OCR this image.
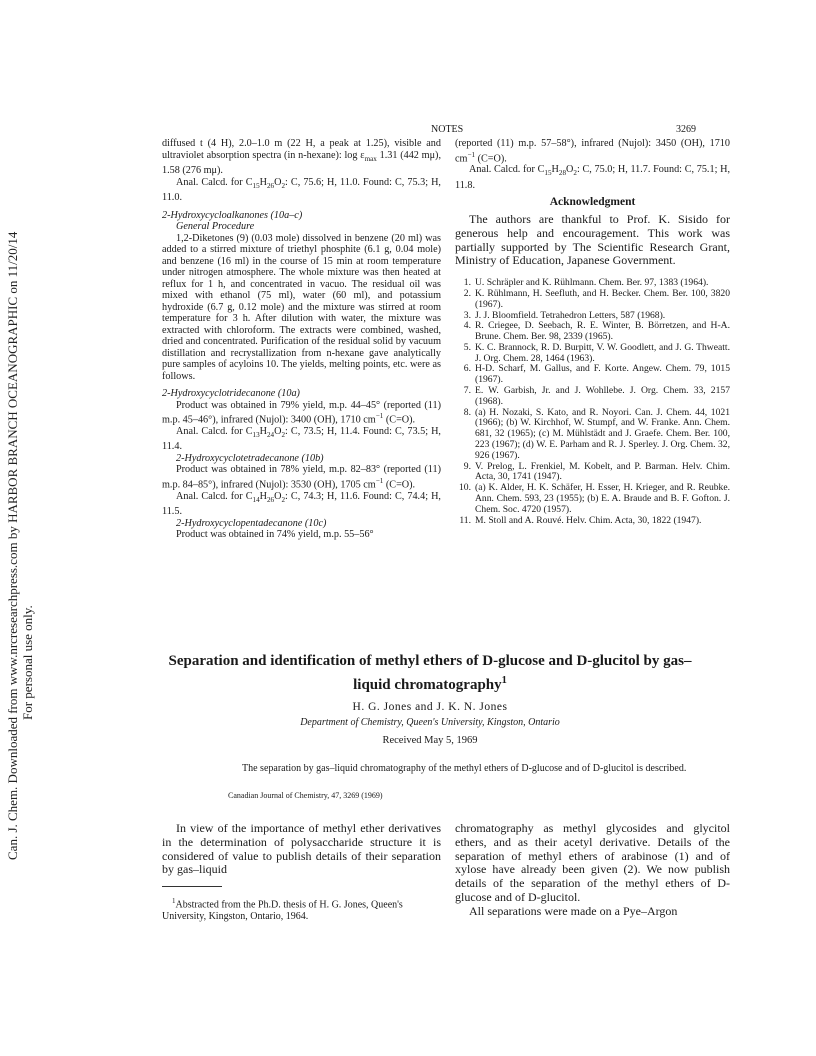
Can. J. Chem. Downloaded from www.nrcresearchpress.com by HARBOR BRANCH OCEANOGRAPHIC on 11/20/14 For personal use only.
NOTES	3269

diffused t (4 H), 2.0–1.0 m (22 H, a peak at 1.25), visible and ultraviolet absorption spectra (in n-hexane): $\log \varepsilon_{max}$ 1.31 (442 mμ), 1.58 (276 mμ).

Anal. Calcd. for $C_{15}H_{26}O_2$: C, 75.6; H, 11.0. Found: C, 75.3; H, 11.0.

2-Hydroxycycloalkanones (10a–c)

General Procedure

1,2-Diketones (9) (0.03 mole) dissolved in benzene (20 ml) was added to a stirred mixture of triethyl phosphite (6.1 g, 0.04 mole) and benzene (16 ml) in the course of 15 min at room temperature under nitrogen atmosphere. The whole mixture was then heated at reflux for 1 h, and concentrated in vacuo. The residual oil was mixed with ethanol (75 ml), water (60 ml), and potassium hydroxide (6.7 g, 0.12 mole) and the mixture was stirred at room temperature for 3 h. After dilution with water, the mixture was extracted with chloroform. The extracts were combined, washed, dried and concentrated. Purification of the residual solid by vacuum distillation and recrystallization from n-hexane gave analytically pure samples of acyloins 10. The yields, melting points, etc. were as follows.

2-Hydroxycyclotridecanone (10a)

Product was obtained in 79% yield, m.p. 44–45° (reported (11) m.p. 45–46°), infrared (Nujol): 3400 (OH), 1710 $cm^{-1}$ (C=O).

Anal. Calcd. for $C_{13}H_{24}O_2$: C, 73.5; H, 11.4. Found: C, 73.5; H, 11.4.

2-Hydroxycyclotetradecanone (10b)

Product was obtained in 78% yield, m.p. 82–83° (reported (11) m.p. 84–85°), infrared (Nujol): 3530 (OH), 1705 $cm^{-1}$ (C=O).

Anal. Calcd. for $C_{14}H_{26}O_2$: C, 74.3; H, 11.6. Found: C, 74.4; H, 11.5.

2-Hydroxycyclopentadecanone (10c)

Product was obtained in 74% yield, m.p. 55–56°

(reported (11) m.p. 57–58°), infrared (Nujol): 3450 (OH), 1710 $cm^{-1}$ (C=O).

Anal. Calcd. for $C_{15}H_{28}O_2$: C, 75.0; H, 11.7. Found: C, 75.1; H, 11.8.

Acknowledgment

The authors are thankful to Prof. K. Sisido for generous help and encouragement. This work was partially supported by The Scientific Research Grant, Ministry of Education, Japanese Government.

1. U. Schräpler and K. Rühlmann. Chem. Ber. 97, 1383 (1964).
2. K. Rühlmann, H. Seefluth, and H. Becker. Chem. Ber. 100, 3820 (1967).
3. J. J. Bloomfield. Tetrahedron Letters, 587 (1968).
4. R. Criegee, D. Seebach, R. E. Winter, B. Börretzen, and H-A. Brune. Chem. Ber. 98, 2339 (1965).
5. K. C. Brannock, R. D. Burpitt, V. W. Goodlett, and J. G. Thweatt. J. Org. Chem. 28, 1464 (1963).
6. H-D. Scharf, M. Gallus, and F. Korte. Angew. Chem. 79, 1015 (1967).
7. E. W. Garbish, Jr. and J. Wohllebe. J. Org. Chem. 33, 2157 (1968).
8. (a) H. Nozaki, S. Kato, and R. Noyori. Can. J. Chem. 44, 1021 (1966); (b) W. Kirchhof, W. Stumpf, and W. Franke. Ann. Chem. 681, 32 (1965); (c) M. Mühlstädt and J. Graefe. Chem. Ber. 100, 223 (1967); (d) W. E. Parham and R. J. Sperley. J. Org. Chem. 32, 926 (1967).
9. V. Prelog, L. Frenkiel, M. Kobelt, and P. Barman. Helv. Chim. Acta, 30, 1741 (1947).
10. (a) K. Alder, H. K. Schäfer, H. Esser, H. Krieger, and R. Reubke. Ann. Chem. 593, 23 (1955); (b) E. A. Braude and B. F. Gofton. J. Chem. Soc. 4720 (1957).
11. M. Stoll and A. Rouvé. Helv. Chim. Acta, 30, 1822 (1947).
Separation and identification of methyl ethers of D-glucose and D-glucitol by gas–liquid chromatography$^1$
H. G. Jones and J. K. N. Jones
Department of Chemistry, Queen's University, Kingston, Ontario
Received May 5, 1969
The separation by gas–liquid chromatography of the methyl ethers of D-glucose and of D-glucitol is described.
Canadian Journal of Chemistry, 47, 3269 (1969)
In view of the importance of methyl ether derivatives in the determination of polysaccharide structure it is considered of value to publish details of their separation by gas–liquid

chromatography as methyl glycosides and glycitol ethers, and as their acetyl derivative. Details of the separation of methyl ethers of arabinose (1) and of xylose have already been given (2). We now publish details of the separation of the methyl ethers of D-glucose and of D-glucitol.

All separations were made on a Pye–Argon

$^1$Abstracted from the Ph.D. thesis of H. G. Jones, Queen's University, Kingston, Ontario, 1964.
